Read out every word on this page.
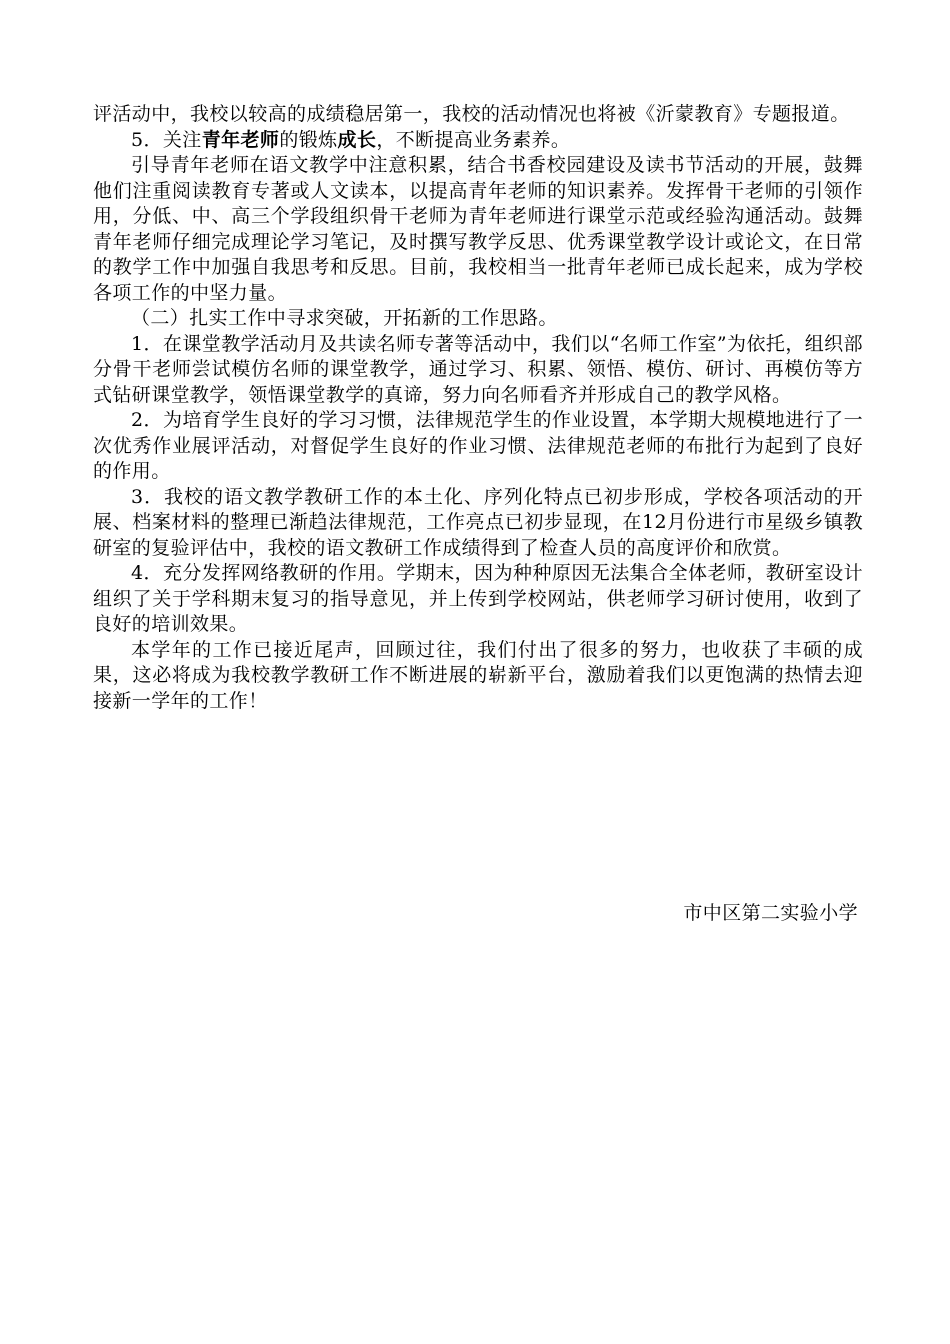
评活动中，我校以较高的成绩稳居第一，我校的活动情况也将被《沂蒙教育》专题报道。

5．关注青年老师的锻炼成长，不断提高业务素养。

引导青年老师在语文教学中注意积累，结合书香校园建设及读书节活动的开展，鼓舞他们注重阅读教育专著或人文读本，以提高青年老师的知识素养。发挥骨干老师的引领作用，分低、中、高三个学段组织骨干老师为青年老师进行课堂示范或经验沟通活动。鼓舞青年老师仔细完成理论学习笔记，及时撰写教学反思、优秀课堂教学设计或论文，在日常的教学工作中加强自我思考和反思。目前，我校相当一批青年老师已成长起来，成为学校各项工作的中坚力量。

（二）扎实工作中寻求突破，开拓新的工作思路。

1．在课堂教学活动月及共读名师专著等活动中，我们以“名师工作室”为依托，组织部分骨干老师尝试模仿名师的课堂教学，通过学习、积累、领悟、模仿、研讨、再模仿等方式钻研课堂教学，领悟课堂教学的真谛，努力向名师看齐并形成自己的教学风格。

2．为培育学生良好的学习习惯，法律规范学生的作业设置，本学期大规模地进行了一次优秀作业展评活动，对督促学生良好的作业习惯、法律规范老师的布批行为起到了良好的作用。

3．我校的语文教学教研工作的本土化、序列化特点已初步形成，学校各项活动的开展、档案材料的整理已渐趋法律规范，工作亮点已初步显现，在12月份进行市星级乡镇教研室的复验评估中，我校的语文教研工作成绩得到了检查人员的高度评价和欣赏。

4．充分发挥网络教研的作用。学期末，因为种种原因无法集合全体老师，教研室设计组织了关于学科期末复习的指导意见，并上传到学校网站，供老师学习研讨使用，收到了良好的培训效果。

本学年的工作已接近尾声，回顾过往，我们付出了很多的努力，也收获了丰硕的成果，这必将成为我校教学教研工作不断进展的崭新平台，激励着我们以更饱满的热情去迎接新一学年的工作！

市中区第二实验小学
